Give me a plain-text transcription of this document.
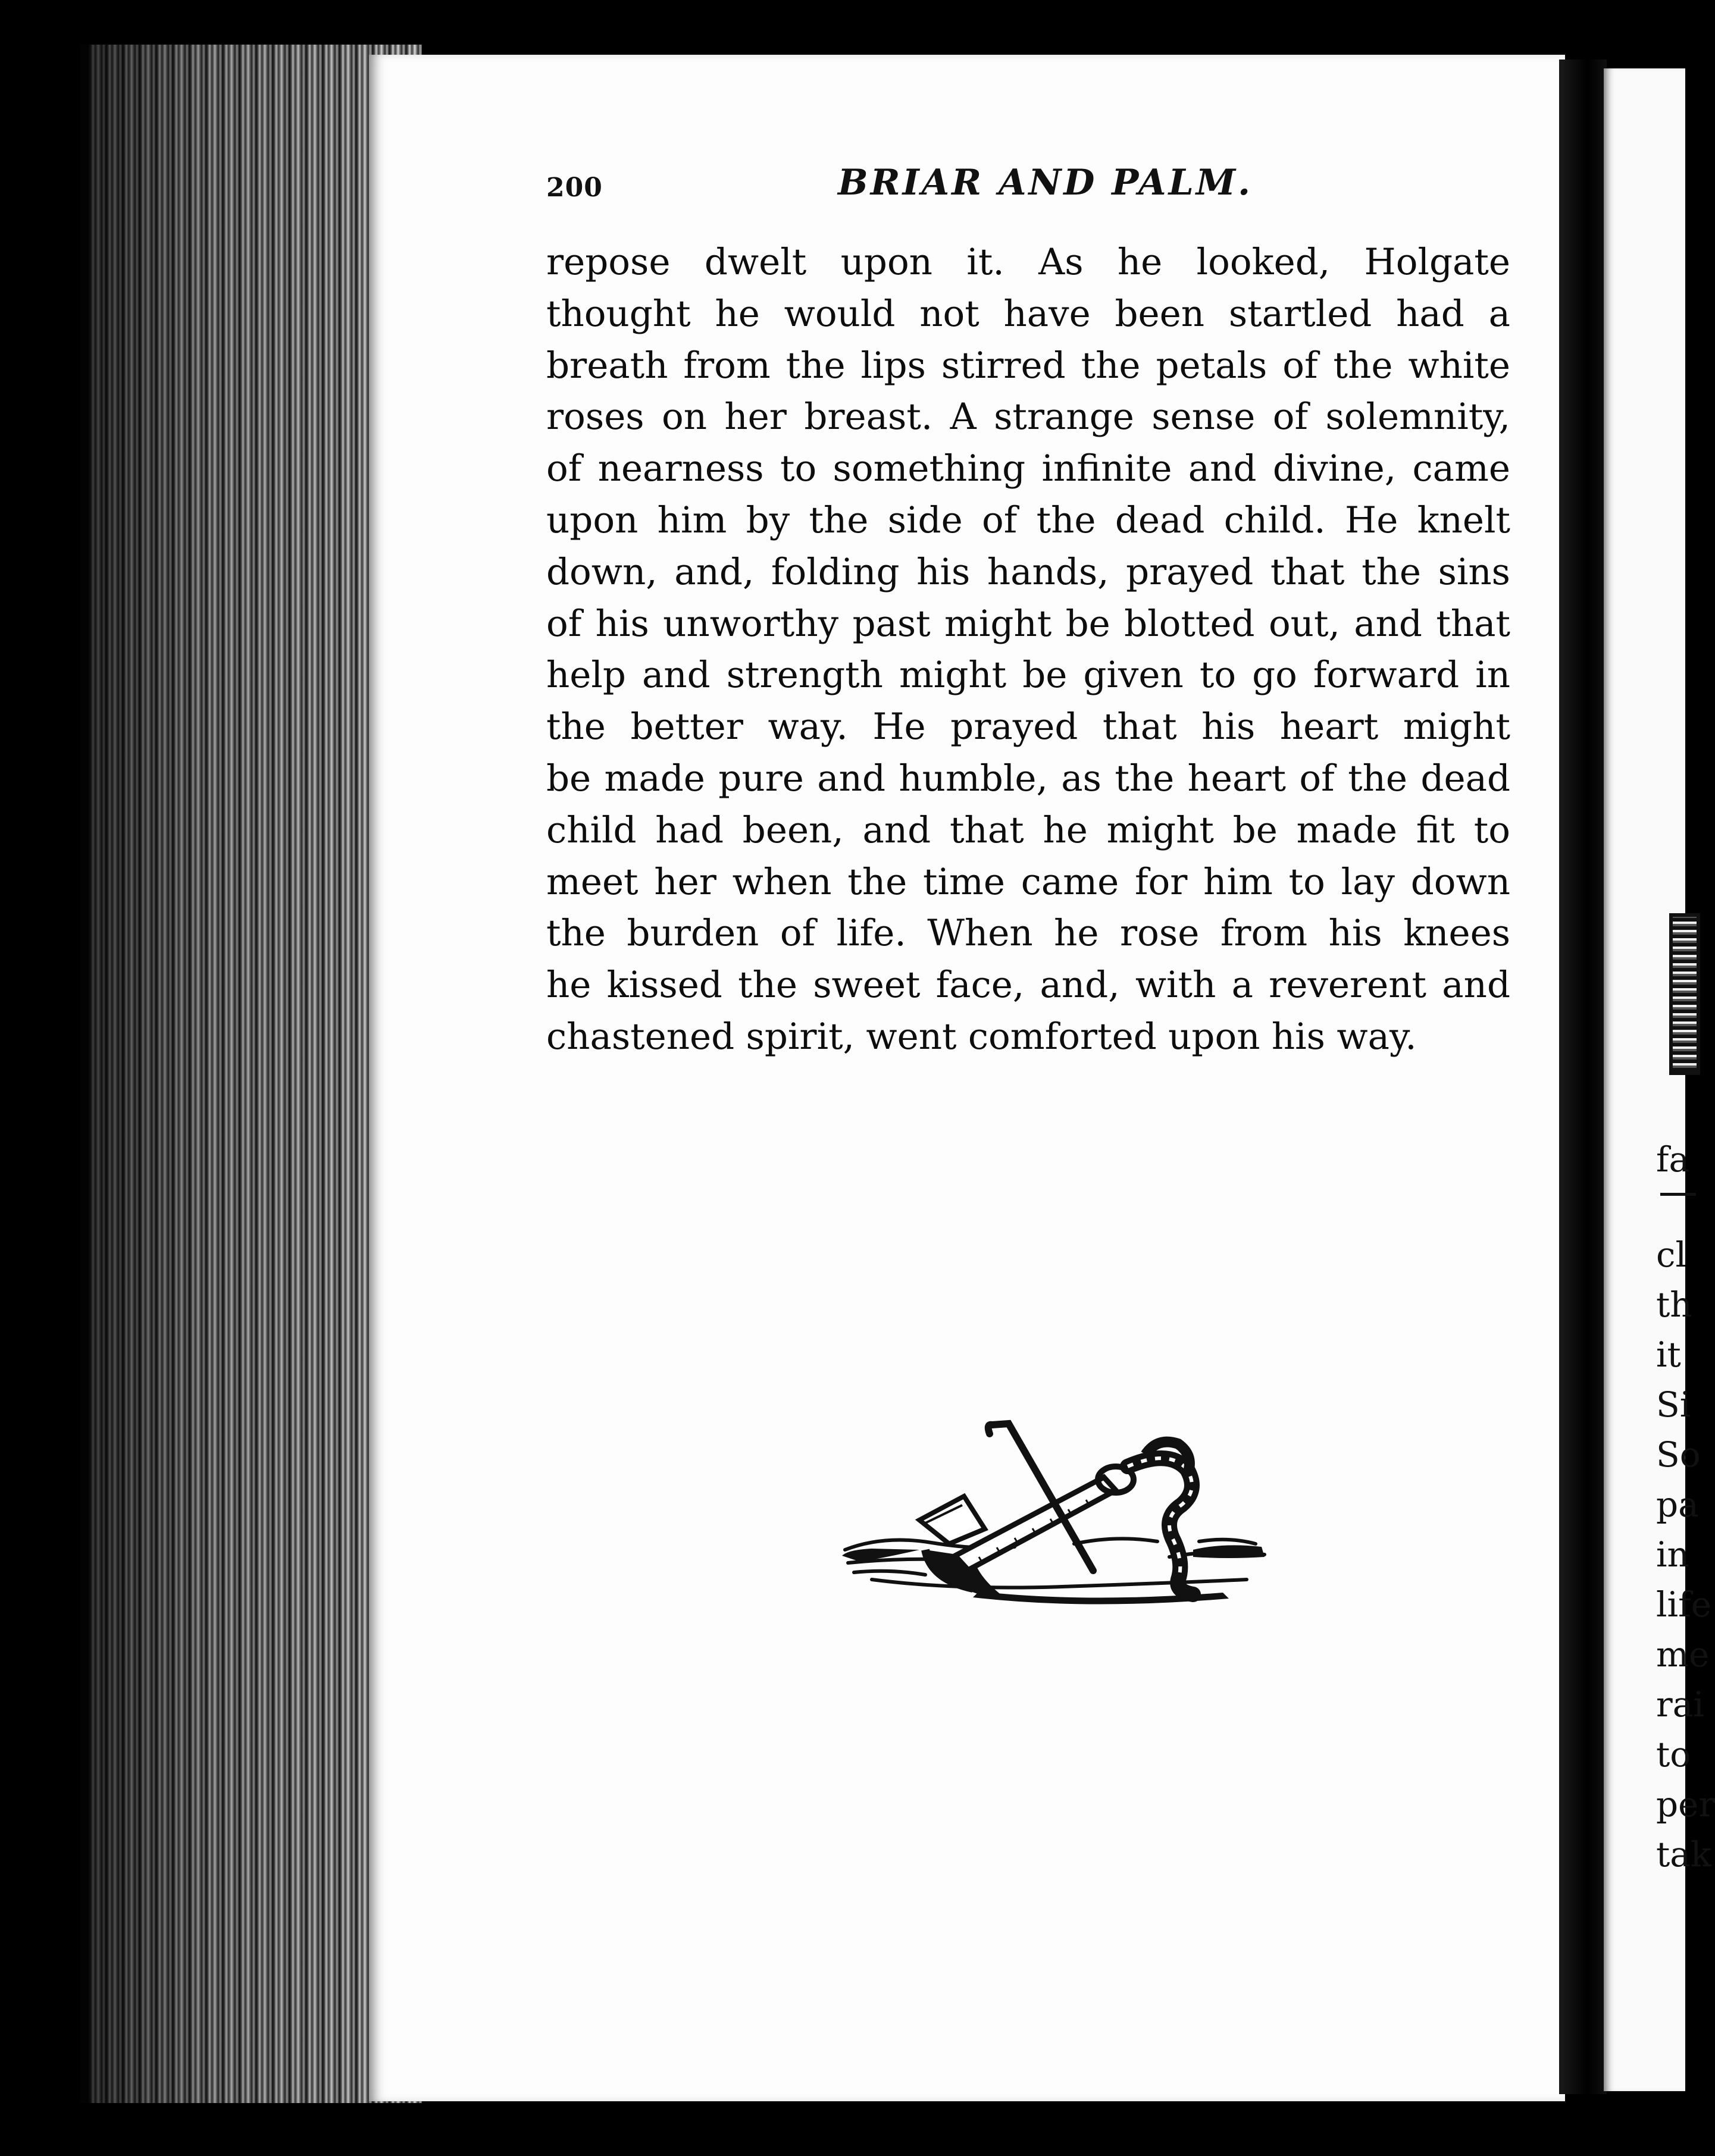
200	BRIAR AND PALM.
repose dwelt upon it. As he looked, Holgate
thought he would not have been startled had a
breath from the lips stirred the petals of the white
roses on her breast. A strange sense of solemnity,
of nearness to something infinite and divine, came
upon him by the side of the dead child. He knelt
down, and, folding his hands, prayed that the sins
of his unworthy past might be blotted out, and that
help and strength might be given to go forward in
the better way. He prayed that his heart might
be made pure and humble, as the heart of the dead
child had been, and that he might be made fit to
meet her when the time came for him to lay down
the burden of life. When he rose from his knees
he kissed the sweet face, and, with a reverent and
chastened spirit, went comforted upon his way.
fa
cl
th
it
Si
So
pa
in
life
me
rai
to
per
tak
